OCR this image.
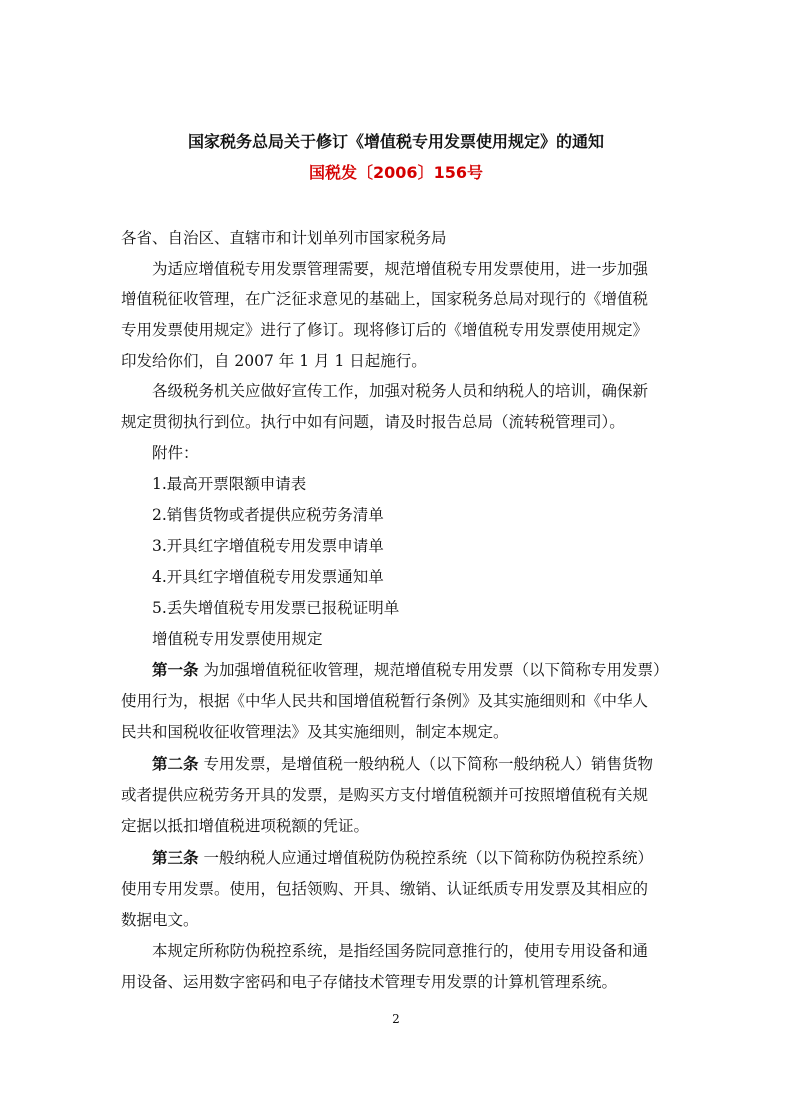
国家税务总局关于修订《增值税专用发票使用规定》的通知
国税发〔2006〕156号
各省、自治区、直辖市和计划单列市国家税务局
为适应增值税专用发票管理需要，规范增值税专用发票使用，进一步加强
增值税征收管理，在广泛征求意见的基础上，国家税务总局对现行的《增值税
专用发票使用规定》进行了修订。现将修订后的《增值税专用发票使用规定》
印发给你们，自 2007 年 1 月 1 日起施行。
各级税务机关应做好宣传工作，加强对税务人员和纳税人的培训，确保新
规定贯彻执行到位。执行中如有问题，请及时报告总局（流转税管理司）。
附件：
1.最高开票限额申请表
2.销售货物或者提供应税劳务清单
3.开具红字增值税专用发票申请单
4.开具红字增值税专用发票通知单
5.丢失增值税专用发票已报税证明单
增值税专用发票使用规定
第一条 为加强增值税征收管理，规范增值税专用发票（以下简称专用发票）
使用行为，根据《中华人民共和国增值税暂行条例》及其实施细则和《中华人
民共和国税收征收管理法》及其实施细则，制定本规定。
第二条 专用发票，是增值税一般纳税人（以下简称一般纳税人）销售货物
或者提供应税劳务开具的发票，是购买方支付增值税额并可按照增值税有关规
定据以抵扣增值税进项税额的凭证。
第三条 一般纳税人应通过增值税防伪税控系统（以下简称防伪税控系统）
使用专用发票。使用，包括领购、开具、缴销、认证纸质专用发票及其相应的
数据电文。
本规定所称防伪税控系统，是指经国务院同意推行的，使用专用设备和通
用设备、运用数字密码和电子存储技术管理专用发票的计算机管理系统。
2
